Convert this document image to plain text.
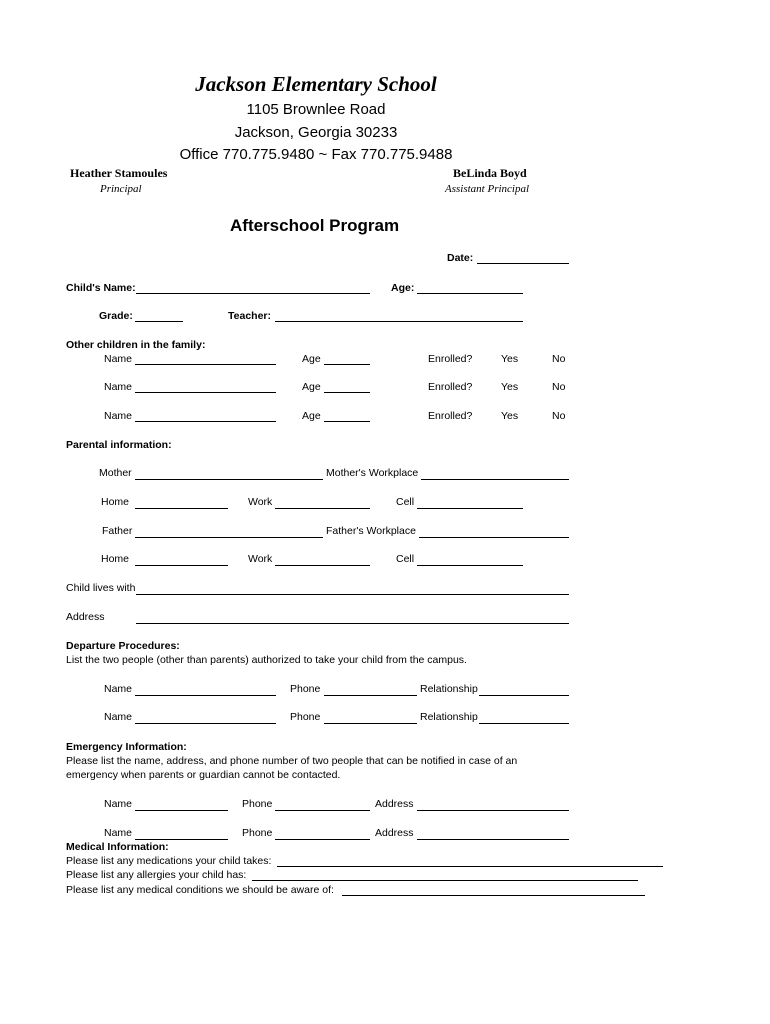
Jackson Elementary School
1105 Brownlee Road
Jackson, Georgia 30233
Office 770.775.9480 ~ Fax 770.775.9488
Heather Stamoules
Principal
BeLinda Boyd
Assistant Principal
Afterschool Program
Date:
Child's Name:	Age:
Grade:	Teacher:
Other children in the family:
Name	Age	Enrolled?	Yes	No
Name	Age	Enrolled?	Yes	No
Name	Age	Enrolled?	Yes	No
Parental information:
Mother	Mother's Workplace
Home	Work	Cell
Father	Father's Workplace
Home	Work	Cell
Child lives with
Address
Departure Procedures:
List the two people (other than parents) authorized to take your child from the campus.
Name	Phone	Relationship
Name	Phone	Relationship
Emergency Information:
Please list the name, address, and phone number of two people that can be notified in case of an
emergency when parents or guardian cannot be contacted.
Name	Phone	Address
Name	Phone	Address
Medical Information:
Please list any medications your child takes:
Please list any allergies your child has:
Please list any medical conditions we should be aware of:
